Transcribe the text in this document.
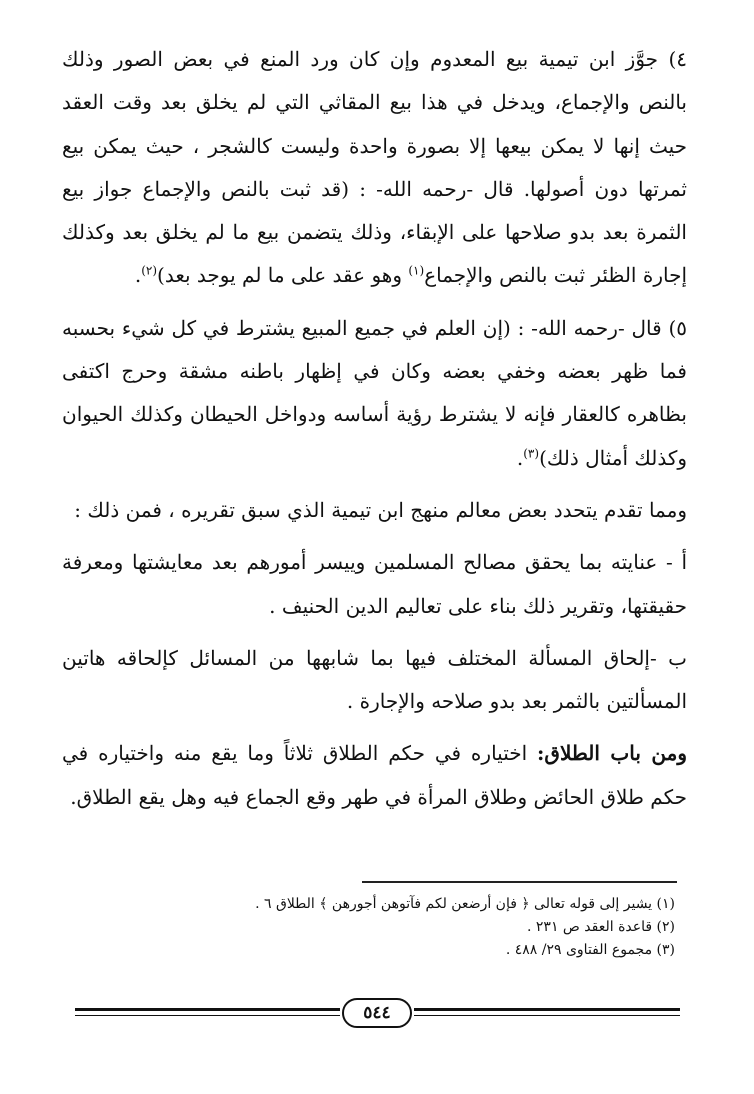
٤) جوَّز ابن تيمية بيع المعدوم وإن كان ورد المنع في بعض الصور وذلك بالنص والإجماع، ويدخل في هذا بيع المقاثي التي لم يخلق بعد وقت العقد حيث إنها لا يمكن بيعها إلا بصورة واحدة وليست كالشجر ، حيث يمكن بيع ثمرتها دون أصولها. قال -رحمه الله- : (قد ثبت بالنص والإجماع جواز بيع الثمرة بعد بدو صلاحها على الإبقاء، وذلك يتضمن بيع ما لم يخلق بعد وكذلك إجارة الظئر ثبت بالنص والإجماع$^{(١)}$ وهو عقد على ما لم يوجد بعد)$^{(٢)}$.

٥) قال -رحمه الله- : (إن العلم في جميع المبيع يشترط في كل شيء بحسبه فما ظهر بعضه وخفي بعضه وكان في إظهار باطنه مشقة وحرج اكتفى بظاهره كالعقار فإنه لا يشترط رؤية أساسه ودواخل الحيطان وكذلك الحيوان وكذلك أمثال ذلك)$^{(٣)}$.

ومما تقدم يتحدد بعض معالم منهج ابن تيمية الذي سبق تقريره ، فمن ذلك :

أ - عنايته بما يحقق مصالح المسلمين وييسر أمورهم بعد معايشتها ومعرفة حقيقتها، وتقرير ذلك بناء على تعاليم الدين الحنيف .

ب -إلحاق المسألة المختلف فيها بما شابهها من المسائل كإلحاقه هاتين المسألتين بالثمر بعد بدو صلاحه والإجارة .

ومن باب الطلاق: اختياره في حكم الطلاق ثلاثاً وما يقع منه واختياره في حكم طلاق الحائض وطلاق المرأة في طهر وقع الجماع فيه وهل يقع الطلاق.

(١) يشير إلى قوله تعالى ﴿ فإن أرضعن لكم فآتوهن أجورهن ﴾ الطلاق ٦ .

(٢) قاعدة العقد ص ٢٣١ .

(٣) مجموع الفتاوى ٢٩/ ٤٨٨ .

٥٤٤
